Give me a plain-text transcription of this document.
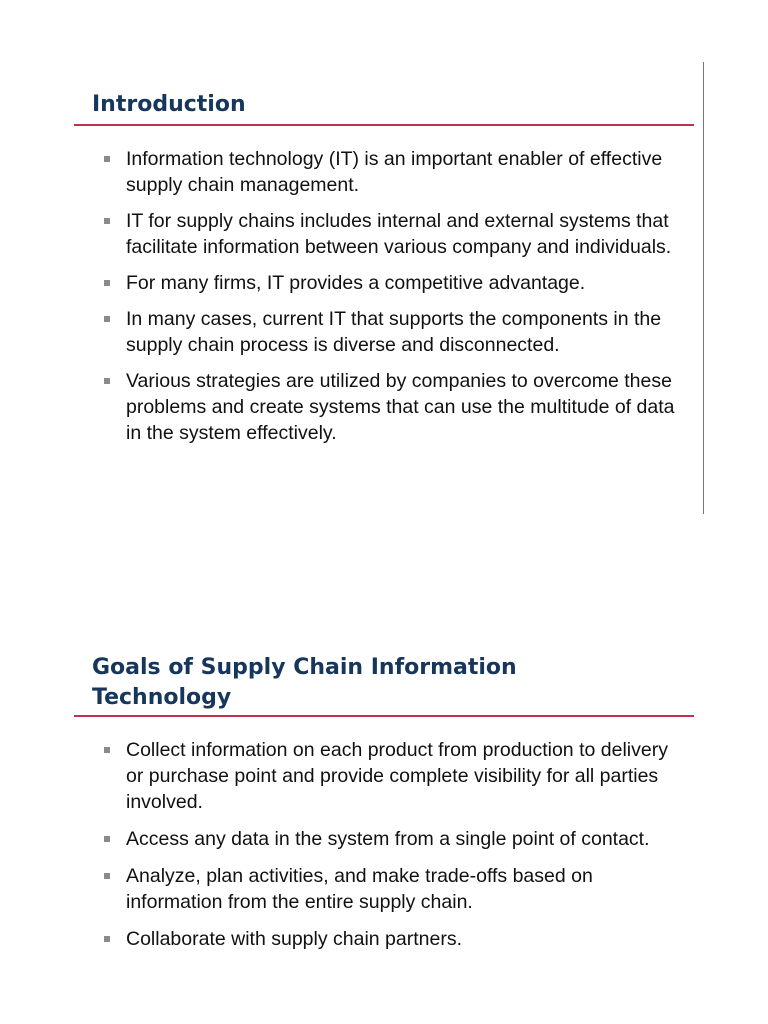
Introduction
Information technology (IT) is an important enabler of effective supply chain management.
IT for supply chains includes internal and external systems that facilitate information between various company and individuals.
For many firms, IT provides a competitive advantage.
In many cases, current IT that supports the components in the supply chain process is diverse and disconnected.
Various strategies are utilized by companies to overcome these problems and create systems that can use the multitude of data in the system effectively.
Goals of Supply Chain Information
Technology
Collect information on each product from production to delivery or purchase point and provide complete visibility for all parties involved.
Access any data in the system from a single point of contact.
Analyze, plan activities, and make trade-offs based on information from the entire supply chain.
Collaborate with supply chain partners.
